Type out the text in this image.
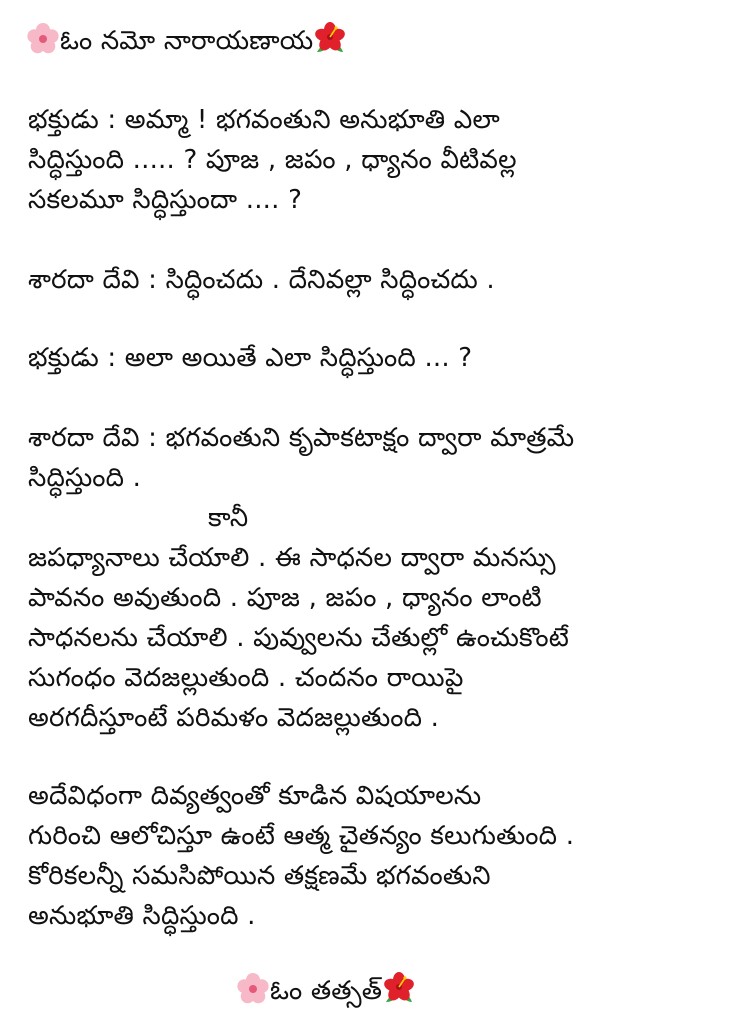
ఓం నమో నారాయణాయ
భక్తుడు : అమ్మా ! భగవంతుని అనుభూతి ఎలా
సిద్ధిస్తుంది ..... ? పూజ , జపం , ధ్యానం వీటివల్ల
సకలమూ సిద్ధిస్తుందా .... ?
శారదా దేవి : సిద్ధించదు . దేనివల్లా సిద్ధించదు .
భక్తుడు : అలా అయితే ఎలా సిద్ధిస్తుంది ... ?
శారదా దేవి : భగవంతుని కృపాకటాక్షం ద్వారా మాత్రమే
సిద్ధిస్తుంది .
కానీ
జపధ్యానాలు చేయాలి . ఈ సాధనల ద్వారా మనస్సు
పావనం అవుతుంది . పూజ , జపం , ధ్యానం లాంటి
సాధనలను చేయాలి . పువ్వులను చేతుల్లో ఉంచుకొంటే
సుగంధం వెదజల్లుతుంది . చందనం రాయిపై
అరగదీస్తూంటే పరిమళం వెదజల్లుతుంది .
అదేవిధంగా దివ్యత్వంతో కూడిన విషయాలను
గురించి ఆలోచిస్తూ ఉంటే ఆత్మ చైతన్యం కలుగుతుంది .
కోరికలన్నీ సమసిపోయిన తక్షణమే భగవంతుని
అనుభూతి సిద్ధిస్తుంది .
ఓం తత్సత్
